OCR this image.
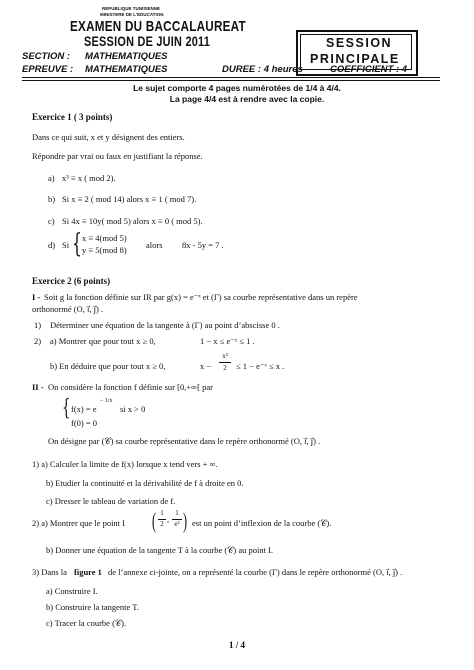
REPUBLIQUE TUNISIENNE
MINISTERE DE L'EDUCATION
EXAMEN DU BACCALAUREAT
SESSION DE JUIN 2011	SESSION
PRINCIPALE
SECTION : MATHEMATIQUES
EPREUVE : MATHEMATIQUES	DUREE : 4 heures	COEFFICIENT : 4
Le sujet comporte 4 pages numérotées de 1/4 à 4/4.
La page 4/4 est à rendre avec la copie.
Exercice 1 ( 3 points)
Dans ce qui suit, x et y désignent des entiers.
Répondre par vrai ou faux en justifiant la réponse.
a) x³ ≡ x ( mod 2).
b) Si x ≡ 2 ( mod 14) alors x ≡ 1 ( mod 7).
c) Si 4x ≡ 10y( mod 5) alors x ≡ 0 ( mod 5).
d) Si { x ≡ 4(mod 5)
y ≡ 5(mod 8) alors 8x - 5y = 7 .
Exercice 2 (6 points)
I - Soit g la fonction définie sur IR par g(x) = e⁻ˣ et (Γ) sa courbe représentative dans un repère
orthonormé (O, i⃗, j⃗) .
1) Déterminer une équation de la tangente à (Γ) au point d’abscisse 0 .
2) a) Montrer que pour tout x ≥ 0,	1 − x ≤ e⁻ˣ ≤ 1 .
b) En déduire que pour tout x ≥ 0,	x −
x²
2	≤ 1 − e⁻ˣ ≤ x .
II - On considère la fonction f définie sur [0,+∞[ par
{ f(x) = e
− 1/x
si x > 0
f(0) = 0
On désigne par (𝒞) sa courbe représentative dans le repère orthonormé (O, i⃗, j⃗) .
1) a) Calculer la limite de f(x) lorsque x tend vers + ∞.
b) Etudier la continuité et la dérivabilité de f à droite en 0.
c) Dresser le tableau de variation de f.
2) a) Montrer que le point I ( 1
2 ,
1
e² ) est un point d’inflexion de la courbe (𝒞).
b) Donner une équation de la tangente T à la courbe (𝒞) au point I.
3) Dans la figure 1 de l’annexe ci-jointe, on a représenté la courbe (Γ) dans le repère orthonormé (O, i⃗, j⃗) .
a) Construire I.
b) Construire la tangente T.
c) Tracer la courbe (𝒞).
1 / 4
